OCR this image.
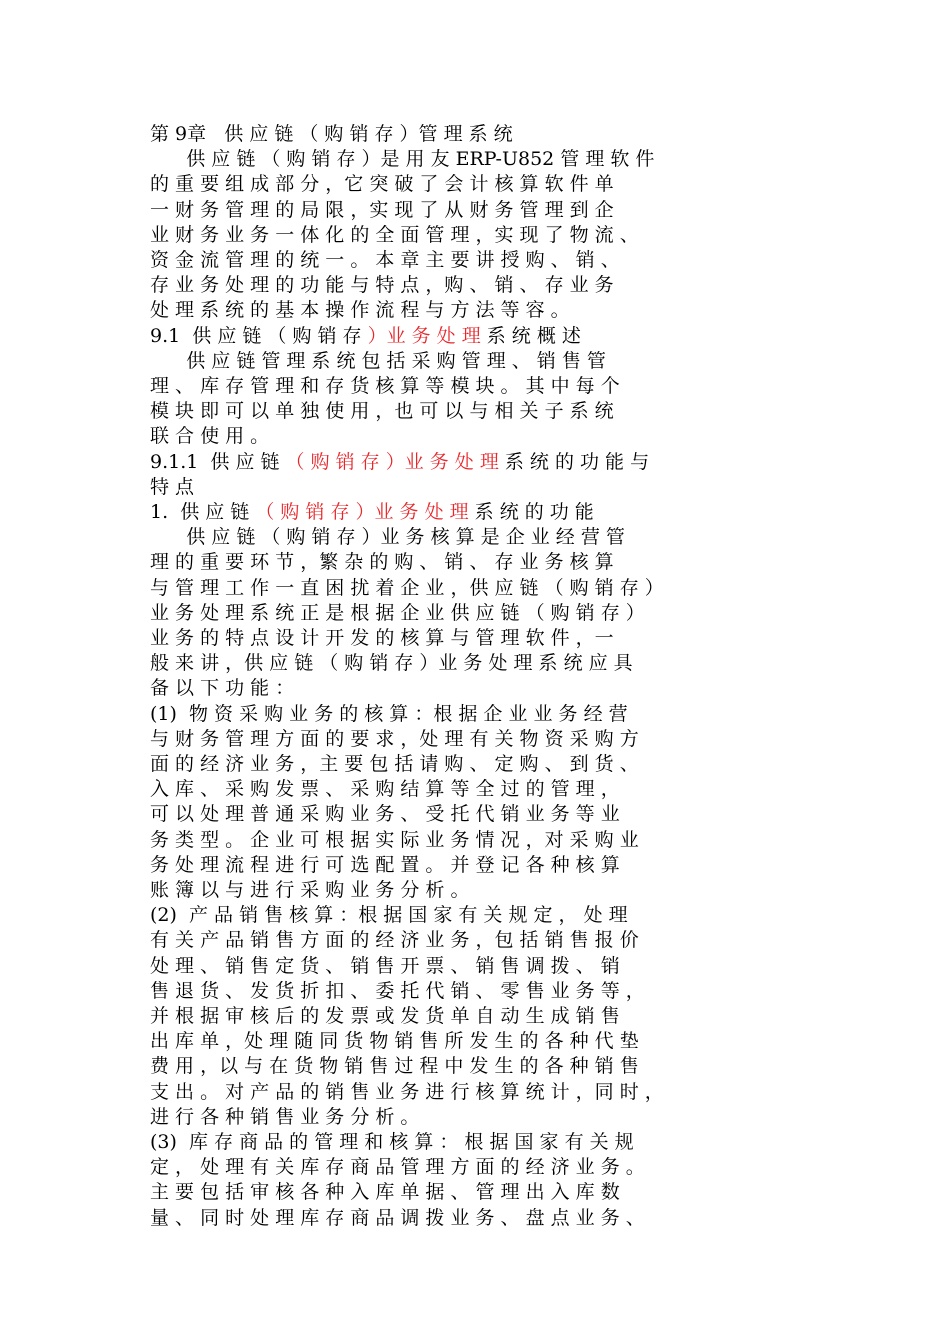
第 9章   供 应 链 （ 购 销 存 ）管 理 系 统

供 应 链 （ 购 销 存 ）是 用 友 ERP-U852 管 理 软 件

的 重 要 组 成 部 分 ，它 突 破 了 会 计 核 算 软 件 单

一 财 务 管 理 的 局 限 ，实 现 了 从 财 务 管 理 到 企

业 财 务 业 务 一 体 化 的 全 面 管 理 ，实 现 了 物 流 、

资 金 流 管 理 的 统 一 。 本 章 主 要 讲 授 购 、 销 、

存 业 务 处 理 的 功 能 与 特 点 ，购 、 销 、 存 业 务

处 理 系 统 的 基 本 操 作 流 程 与 方 法 等 容 。

9.1  供 应 链 （ 购 销 存 ）业 务 处 理 系 统 概 述

供 应 链 管 理 系 统 包 括 采 购 管 理 、 销 售 管

理 、 库 存 管 理 和 存 货 核 算 等 模 块 。 其 中 每 个

模 块 即 可 以 单 独 使 用 ，也 可 以 与 相 关 子 系 统

联 合 使 用 。

9.1.1  供 应 链 （ 购 销 存 ）业 务 处 理 系 统 的 功 能 与

特 点

1.  供 应 链 （ 购 销 存 ）业 务 处 理 系 统 的 功 能

供 应 链 （ 购 销 存 ）业 务 核 算 是 企 业 经 营 管

理 的 重 要 环 节 ，繁 杂 的 购 、 销 、 存 业 务 核 算

与 管 理 工 作 一 直 困 扰 着 企 业 ，供 应 链 （ 购 销 存 ）

业 务 处 理 系 统 正 是 根 据 企 业 供 应 链 （ 购 销 存 ）

业 务 的 特 点 设 计 开 发 的 核 算 与 管 理 软 件 ，一

般 来 讲 ，供 应 链 （ 购 销 存 ）业 务 处 理 系 统 应 具

备 以 下 功 能 ：

(1)  物 资 采 购 业 务 的 核 算 ：根 据 企 业 业 务 经 营

与 财 务 管 理 方 面 的 要 求 ，处 理 有 关 物 资 采 购 方

面 的 经 济 业 务 ，主 要 包 括 请 购 、 定 购 、 到 货 、

入 库 、 采 购 发 票 、 采 购 结 算 等 全 过 的 管 理 ，

可 以 处 理 普 通 采 购 业 务 、 受 托 代 销 业 务 等 业

务 类 型 。 企 业 可 根 据 实 际 业 务 情 况 ，对 采 购 业

务 处 理 流 程 进 行 可 选 配 置 。 并 登 记 各 种 核 算

账 簿 以 与 进 行 采 购 业 务 分 析 。

(2)  产 品 销 售 核 算 ：根 据 国 家 有 关 规 定 ， 处 理

有 关 产 品 销 售 方 面 的 经 济 业 务 ，包 括 销 售 报 价

处 理 、 销 售 定 货 、 销 售 开 票 、 销 售 调 拨 、 销

售 退 货 、 发 货 折 扣 、 委 托 代 销 、 零 售 业 务 等 ，

并 根 据 审 核 后 的 发 票 或 发 货 单 自 动 生 成 销 售

出 库 单 ，处 理 随 同 货 物 销 售 所 发 生 的 各 种 代 垫

费 用 ，以 与 在 货 物 销 售 过 程 中 发 生 的 各 种 销 售

支 出 。 对 产 品 的 销 售 业 务 进 行 核 算 统 计 ，同 时 ，

进 行 各 种 销 售 业 务 分 析 。

(3)  库 存 商 品 的 管 理 和 核 算 ： 根 据 国 家 有 关 规

定 ， 处 理 有 关 库 存 商 品 管 理 方 面 的 经 济 业 务 。

主 要 包 括 审 核 各 种 入 库 单 据 、 管 理 出 入 库 数

量 、 同 时 处 理 库 存 商 品 调 拨 业 务 、 盘 点 业 务 、
